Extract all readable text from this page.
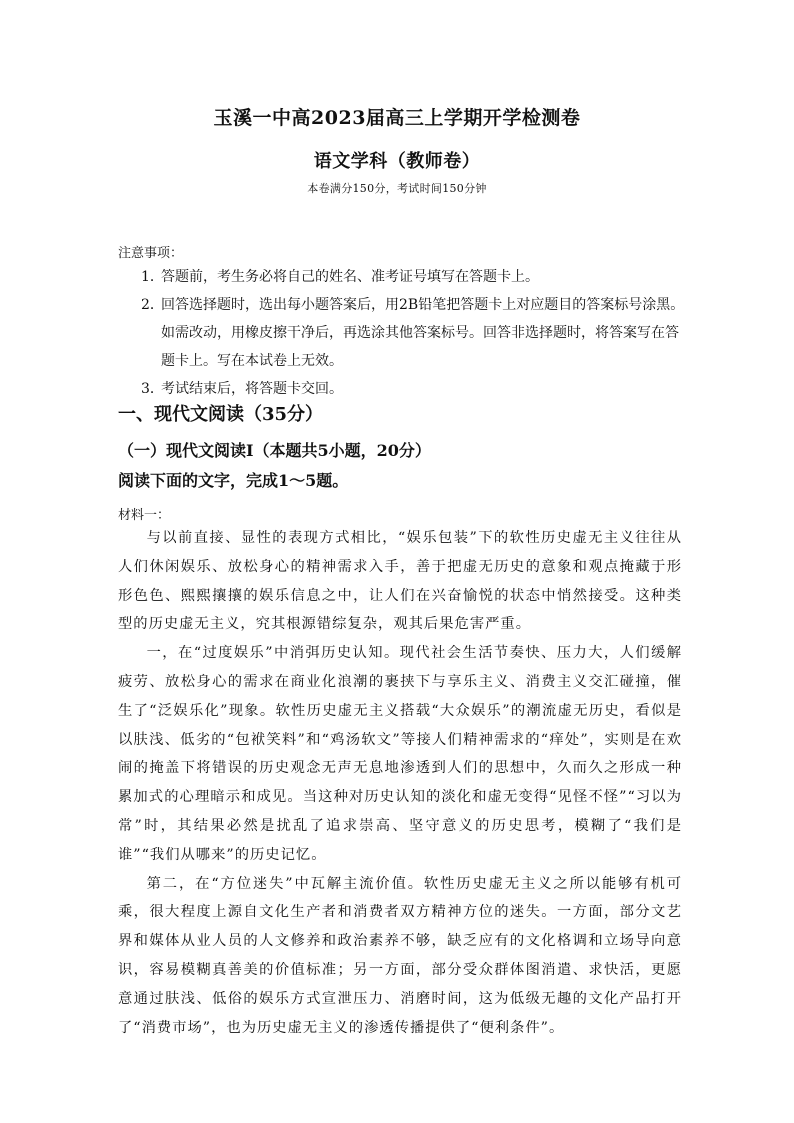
玉溪一中高2023届高三上学期开学检测卷
语文学科（教师卷）
本卷满分150分，考试时间150分钟
注意事项：
1．
答题前，考生务必将自己的姓名、准考证号填写在答题卡上。
2．
回答选择题时，选出每小题答案后，用2B铅笔把答题卡上对应题目的答案标号涂黑。如需改动，用橡皮擦干净后，再选涂其他答案标号。回答非选择题时，将答案写在答题卡上。写在本试卷上无效。
3．
考试结束后，将答题卡交回。
一、现代文阅读（35分）
（一）现代文阅读Ⅰ（本题共5小题，20分）
阅读下面的文字，完成1～5题。
材料一：

与以前直接、显性的表现方式相比，“娱乐包装”下的软性历史虚无主义往往从人们休闲娱乐、放松身心的精神需求入手，善于把虚无历史的意象和观点掩藏于形形色色、熙熙攘攘的娱乐信息之中，让人们在兴奋愉悦的状态中悄然接受。这种类型的历史虚无主义，究其根源错综复杂，观其后果危害严重。

一，在“过度娱乐”中消弭历史认知。现代社会生活节奏快、压力大，人们缓解疲劳、放松身心的需求在商业化浪潮的裹挟下与享乐主义、消费主义交汇碰撞，催生了“泛娱乐化”现象。软性历史虚无主义搭载“大众娱乐”的潮流虚无历史，看似是以肤浅、低劣的“包袱笑料”和“鸡汤软文”等接人们精神需求的“痒处”，实则是在欢闹的掩盖下将错误的历史观念无声无息地渗透到人们的思想中，久而久之形成一种累加式的心理暗示和成见。当这种对历史认知的淡化和虚无变得“见怪不怪”“习以为常”时，其结果必然是扰乱了追求崇高、坚守意义的历史思考，模糊了“我们是谁”“我们从哪来”的历史记忆。

第二，在“方位迷失”中瓦解主流价值。软性历史虚无主义之所以能够有机可乘，很大程度上源自文化生产者和消费者双方精神方位的迷失。一方面，部分文艺界和媒体从业人员的人文修养和政治素养不够，缺乏应有的文化格调和立场导向意识，容易模糊真善美的价值标准；另一方面，部分受众群体图消遣、求快活，更愿意通过肤浅、低俗的娱乐方式宣泄压力、消磨时间，这为低级无趣的文化产品打开了“消费市场”，也为历史虚无主义的渗透传播提供了“便利条件”。
